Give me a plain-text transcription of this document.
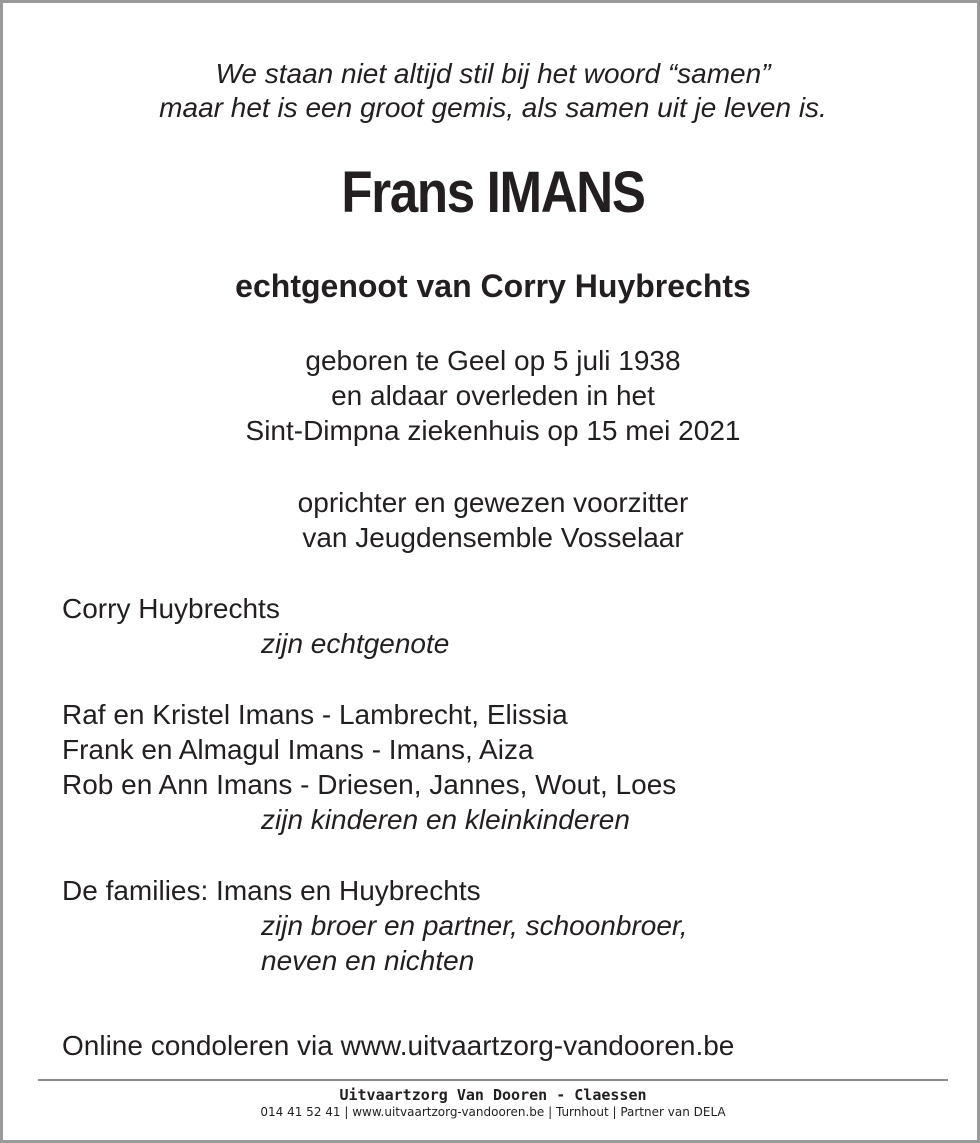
We staan niet altijd stil bij het woord “samen”
maar het is een groot gemis, als samen uit je leven is.
Frans IMANS
echtgenoot van Corry Huybrechts
geboren te Geel op 5 juli 1938
en aldaar overleden in het
Sint-Dimpna ziekenhuis op 15 mei 2021
oprichter en gewezen voorzitter
van Jeugdensemble Vosselaar
Corry Huybrechts
zijn echtgenote
Raf en Kristel Imans - Lambrecht, Elissia
Frank en Almagul Imans - Imans, Aiza
Rob en Ann Imans - Driesen, Jannes, Wout, Loes
zijn kinderen en kleinkinderen
De families: Imans en Huybrechts
zijn broer en partner, schoonbroer,
neven en nichten
Online condoleren via www.uitvaartzorg-vandooren.be
Uitvaartzorg Van Dooren - Claessen
014 41 52 41 | www.uitvaartzorg-vandooren.be | Turnhout | Partner van DELA
